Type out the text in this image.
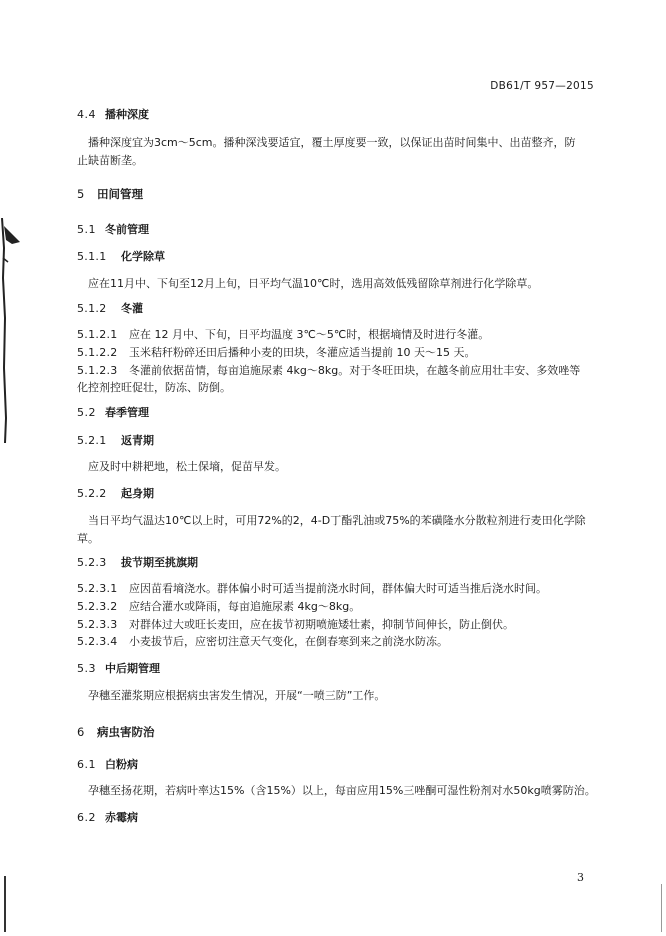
DB61/T 957—2015
4.4 播种深度
播种深度宜为3cm～5cm。播种深浅要适宜，覆土厚度要一致，以保证出苗时间集中、出苗整齐，防
止缺苗断垄。
5 田间管理
5.1 冬前管理
5.1.1 化学除草
应在11月中、下旬至12月上旬，日平均气温10℃时，选用高效低残留除草剂进行化学除草。
5.1.2 冬灌
5.1.2.1 应在 12 月中、下旬，日平均温度 3℃～5℃时，根据墒情及时进行冬灌。
5.1.2.2 玉米秸秆粉碎还田后播种小麦的田块，冬灌应适当提前 10 天～15 天。
5.1.2.3 冬灌前依据苗情，每亩追施尿素 4kg～8kg。对于冬旺田块，在越冬前应用壮丰安、多效唑等
化控剂控旺促壮，防冻、防倒。
5.2 春季管理
5.2.1 返青期
应及时中耕耙地，松土保墒，促苗早发。
5.2.2 起身期
当日平均气温达10℃以上时，可用72%的2，4-D丁酯乳油或75%的苯磺隆水分散粒剂进行麦田化学除
草。
5.2.3 拔节期至挑旗期
5.2.3.1 应因苗看墒浇水。群体偏小时可适当提前浇水时间，群体偏大时可适当推后浇水时间。
5.2.3.2 应结合灌水或降雨，每亩追施尿素 4kg～8kg。
5.2.3.3 对群体过大或旺长麦田，应在拔节初期喷施矮壮素，抑制节间伸长，防止倒伏。
5.2.3.4 小麦拔节后，应密切注意天气变化，在倒春寒到来之前浇水防冻。
5.3 中后期管理
孕穗至灌浆期应根据病虫害发生情况，开展“一喷三防”工作。
6 病虫害防治
6.1 白粉病
孕穗至扬花期，若病叶率达15%（含15%）以上，每亩应用15%三唑酮可湿性粉剂对水50kg喷雾防治。
6.2 赤霉病
3
